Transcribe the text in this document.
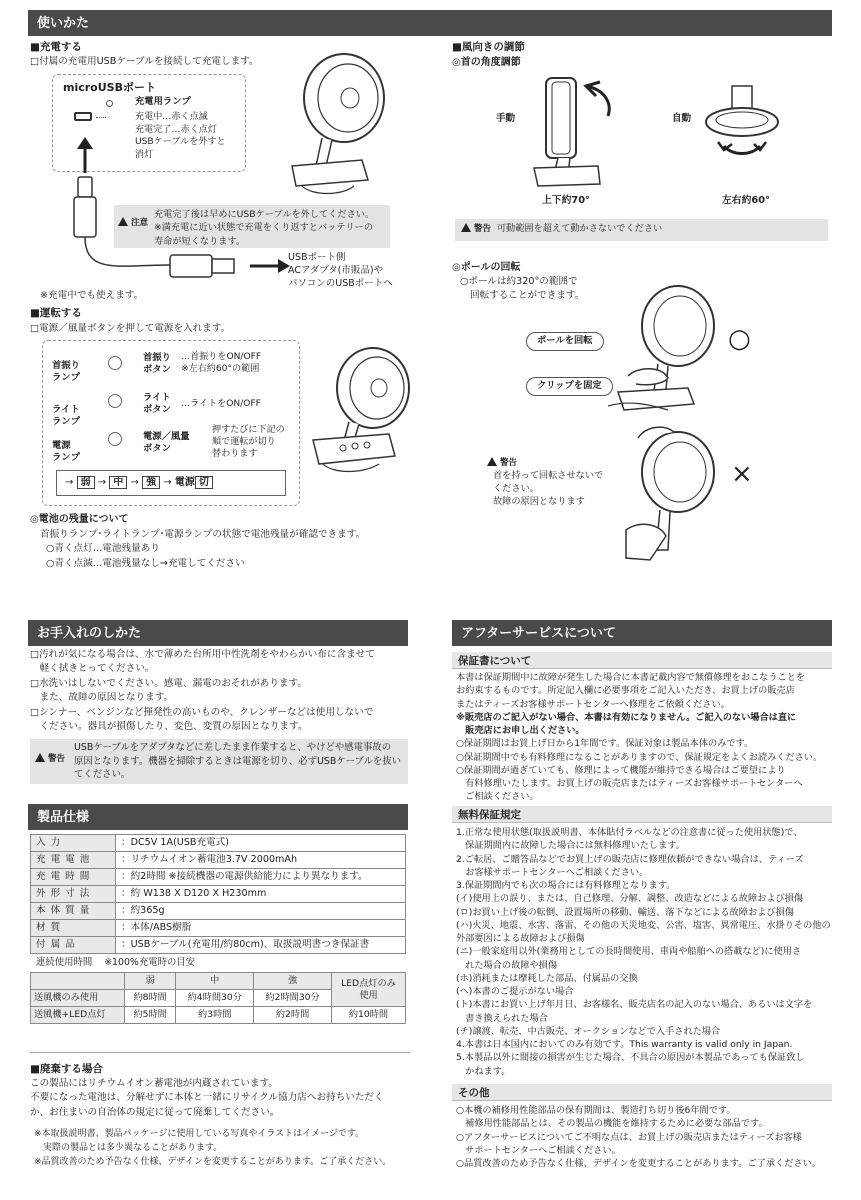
使いかた
■充電する
□付属の充電用USBケーブルを接続して充電します。
microUSBポート
充電用ランプ
充電中…赤く点滅
充電完了…赤く点灯
USBケーブルを外すと
消灯
注意
充電完了後は早めにUSBケーブルを外してください。
※満充電に近い状態で充電をくり返すとバッテリーの
寿命が短くなります。
USBポート側
ACアダプタ(市販品)や
パソコンのUSBポートへ
※充電中でも使えます。
■運転する
□電源／風量ボタンを押して電源を入れます。
首振り
ランプ
首振り
ボタン
…首振りをON/OFF
※左右約60°の範囲
ライト
ランプ
ライト
ボタン
…ライトをON/OFF
電源
ランプ
電源／風量
ボタン
押すたびに下記の
順で運転が切り
替わります
→ 弱 → 中 → 強 → 電源 切
◎電池の残量について
首振りランプ･ライトランプ･電源ランプの状態で電池残量が確認できます。
○青く点灯…電池残量あり
○青く点滅…電池残量なし→充電してください
■風向きの調節
◎首の角度調節
手動	自動
上下約70°	左右約60°
警告 可動範囲を超えて動かさないでください
◎ポールの回転
○ポールは約320°の範囲で
回転することができます。
ポールを回転
クリップを固定
○
×
警告
首を持って回転させないで
ください。
故障の原因となります
お手入れのしかた
□汚れが気になる場合は、水で薄めた台所用中性洗剤をやわらかい布に含ませて
　軽く拭きとってください。
□水洗いはしないでください。感電、漏電のおそれがあります。
　また、故障の原因となります。
□シンナー、ベンジンなど揮発性の高いものや、クレンザーなどは使用しないで
　ください。器具が損傷したり、変色、変質の原因となります。
警告
USBケーブルをアダプタなどに差したまま作業すると、やけどや感電事故の
原因となります。機器を掃除するときは電源を切り、必ずUSBケーブルを抜い
てください。
製品仕様
入力	：DC5V 1A(USB充電式)
充電電池	：リチウムイオン蓄電池3.7V 2000mAh
充電時間	：約2時間 ※接続機器の電源供給能力により異なります。
外形寸法	：約 W138 X D120 X H230mm
本体質量	：約365g
材質	：本体/ABS樹脂
付属品	：USBケーブル(充電用/約80cm)、取扱説明書つき保証書
連続使用時間 ※100%充電時の目安
	弱	中	強	LED点灯のみ
使用

送風機のみ使用	約8時間	約4時間30分	約2時間30分	
送風機+LED点灯	約5時間	約3時間	約2時間	約10時間
■廃棄する場合
この製品にはリチウムイオン蓄電池が内蔵されています。
不要になった電池は、分解せずに本体と一緒にリサイクル協力店へお持ちいただく
か、お住まいの自治体の規定に従って廃棄してください。
※本取扱説明書、製品パッケージに使用している写真やイラストはイメージです。
　実際の製品とは多少異なることがあります。
※品質改善のため予告なく仕様、デザインを変更することがあります。ご了承ください。
アフターサービスについて
保証書について
本書は保証期間中に故障が発生した場合に本書記載内容で無償修理をおこなうことを
お約束するものです。所定記入欄に必要事項をご記入いただき、お買上げの販売店
またはティーズお客様サポートセンターへ修理をご依頼ください。
※販売店のご記入がない場合、本書は有効になりません。ご記入のない場合は直に
　販売店にお申し出ください。
○保証期間はお買上げ日から1年間です。保証対象は製品本体のみです。
○保証期間中でも有料修理になることがありますので、保証規定をよくお読みください。
○保証期間が過ぎていても、修理によって機能が維持できる場合はご要望により
　有料修理いたします。お買上げの販売店またはティーズお客様サポートセンターへ
　ご相談ください。
無料保証規定
1.正常な使用状態(取扱説明書、本体貼付ラベルなどの注意書に従った使用状態)で、
　保証期間内に故障した場合には無料修理いたします。
2.ご転居、ご贈答品などでお買上げの販売店に修理依頼ができない場合は、ティーズ
　お客様サポートセンターへご相談ください。
3.保証期間内でも次の場合には有料修理となります。
(イ)使用上の誤り、または、自己修理、分解、調整、改造などによる故障および損傷
(ロ)お買い上げ後の転倒、設置場所の移動、輸送、落下などによる故障および損傷
(ハ)火災、地震、水害、落雷、その他の天災地変、公害、塩害、異常電圧、水掛りその他の
外部要因による故障および損傷
(ニ)一般家庭用以外(業務用としての長時間使用、車両や船舶への搭載など)に使用さ
　れた場合の故障や損傷
(ホ)消耗または摩耗した部品、付属品の交換
(ヘ)本書のご提示がない場合
(ト)本書にお買い上げ年月日、お客様名、販売店名の記入のない場合、あるいは文字を
　書き換えられた場合
(チ)譲渡、転売、中古販売、オークションなどで入手された場合
4.本書は日本国内においてのみ有効です。This warranty is valid only in Japan.
5.本製品以外に間接の損害が生じた場合、不具合の原因が本製品であっても保証致し
　かねます。
その他
○本機の補修用性能部品の保有期間は、製造打ち切り後6年間です。
　補修用性能部品とは、その製品の機能を維持するために必要な部品です。
○アフターサービスについてご不明な点は、お買上げの販売店またはティーズお客様
　サポートセンターへご相談ください。
○品質改善のため予告なく仕様、デザインを変更することがあります。ご了承ください。
